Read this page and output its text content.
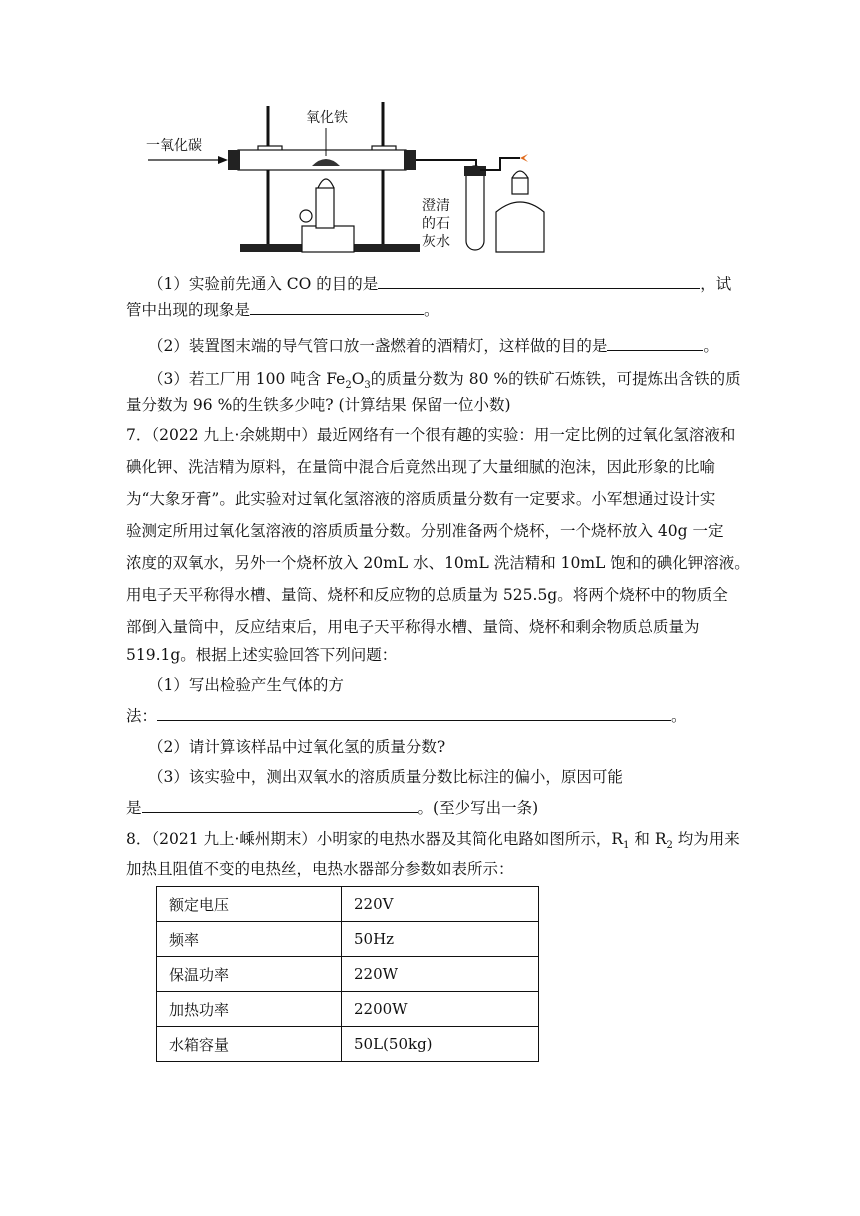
一氧化碳
氧化铁
澄清
的石
灰水
（1）实验前先通入 CO 的目的是	，试
管中出现的现象是	。
（2）装置图末端的导气管口放一盏燃着的酒精灯，这样做的目的是	。
（3）若工厂用 100 吨含 $Fe_2O_3$的质量分数为 80 %的铁矿石炼铁，可提炼出含铁的质
量分数为 96 %的生铁多少吨? (计算结果 保留一位小数)
7．（2022 九上·余姚期中）最近网络有一个很有趣的实验：用一定比例的过氧化氢溶液和
碘化钾、洗洁精为原料，在量筒中混合后竟然出现了大量细腻的泡沫，因此形象的比喻
为“大象牙膏”。此实验对过氧化氢溶液的溶质质量分数有一定要求。小军想通过设计实
验测定所用过氧化氢溶液的溶质质量分数。分别准备两个烧杯，一个烧杯放入 40g 一定
浓度的双氧水，另外一个烧杯放入 20mL 水、10mL 洗洁精和 10mL 饱和的碘化钾溶液。
用电子天平称得水槽、量筒、烧杯和反应物的总质量为 525.5g。将两个烧杯中的物质全
部倒入量筒中，反应结束后，用电子天平称得水槽、量筒、烧杯和剩余物质总质量为
519.1g。根据上述实验回答下列问题：
（1）写出检验产生气体的方
法：	。
（2）请计算该样品中过氧化氢的质量分数?
（3）该实验中，测出双氧水的溶质质量分数比标注的偏小，原因可能
是	。(至少写出一条)
8．（2021 九上·嵊州期末）小明家的电热水器及其简化电路如图所示，$R_1$ 和 $R_2$ 均为用来
加热且阻值不变的电热丝，电热水器部分参数如表所示：
额定电压	220V
频率	50Hz
保温功率	220W
加热功率	2200W
水箱容量	50L(50kg)
